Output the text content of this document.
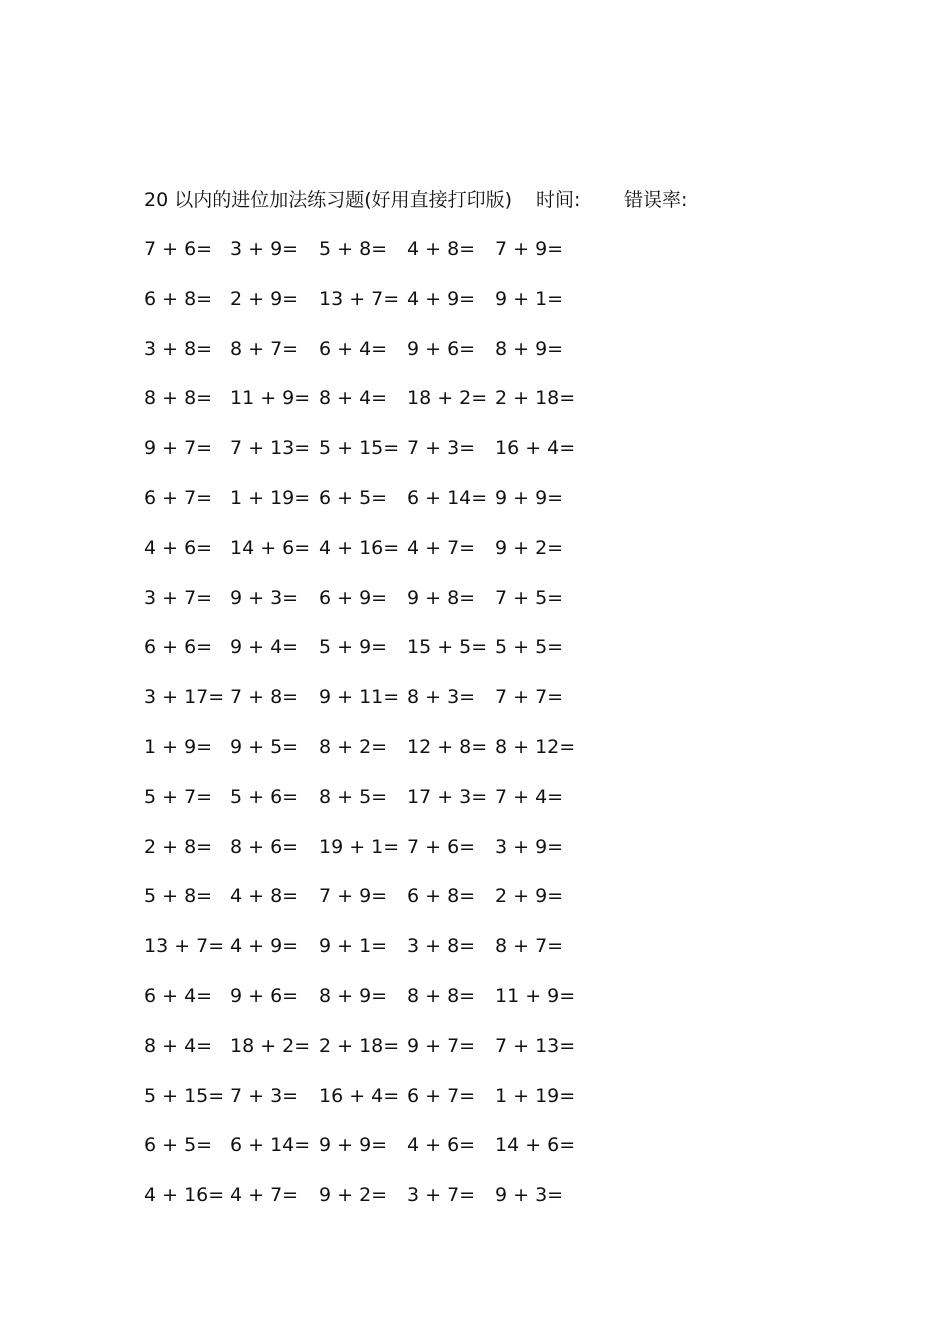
20 以内的进位加法练习题(好用直接打印版) 时间: 错误率:
7 + 6= 3 + 9=	5 + 8=	4 + 8=	7 + 9=
6 + 8= 2 + 9=	13 + 7= 4 + 9=	9 + 1=
3 + 8= 8 + 7=	6 + 4=	9 + 6=	8 + 9=
8 + 8= 11 + 9= 8 + 4=	18 + 2= 2 + 18=
9 + 7= 7 + 13= 5 + 15= 7 + 3=	16 + 4=
6 + 7= 1 + 19= 6 + 5=	6 + 14= 9 + 9=
4 + 6= 14 + 6= 4 + 16= 4 + 7=	9 + 2=
3 + 7= 9 + 3=	6 + 9=	9 + 8=	7 + 5=
6 + 6= 9 + 4=	5 + 9=	15 + 5= 5 + 5=
3 + 17= 7 + 8=	9 + 11= 8 + 3=	7 + 7=
1 + 9= 9 + 5=	8 + 2=	12 + 8= 8 + 12=
5 + 7= 5 + 6=	8 + 5=	17 + 3= 7 + 4=
2 + 8= 8 + 6=	19 + 1= 7 + 6=	3 + 9=
5 + 8= 4 + 8=	7 + 9=	6 + 8=	2 + 9=
13 + 7= 4 + 9=	9 + 1=	3 + 8=	8 + 7=
6 + 4= 9 + 6=	8 + 9=	8 + 8=	11 + 9=
8 + 4= 18 + 2= 2 + 18= 9 + 7=	7 + 13=
5 + 15= 7 + 3=	16 + 4= 6 + 7=	1 + 19=
6 + 5= 6 + 14= 9 + 9=	4 + 6=	14 + 6=
4 + 16= 4 + 7=	9 + 2=	3 + 7=	9 + 3=
